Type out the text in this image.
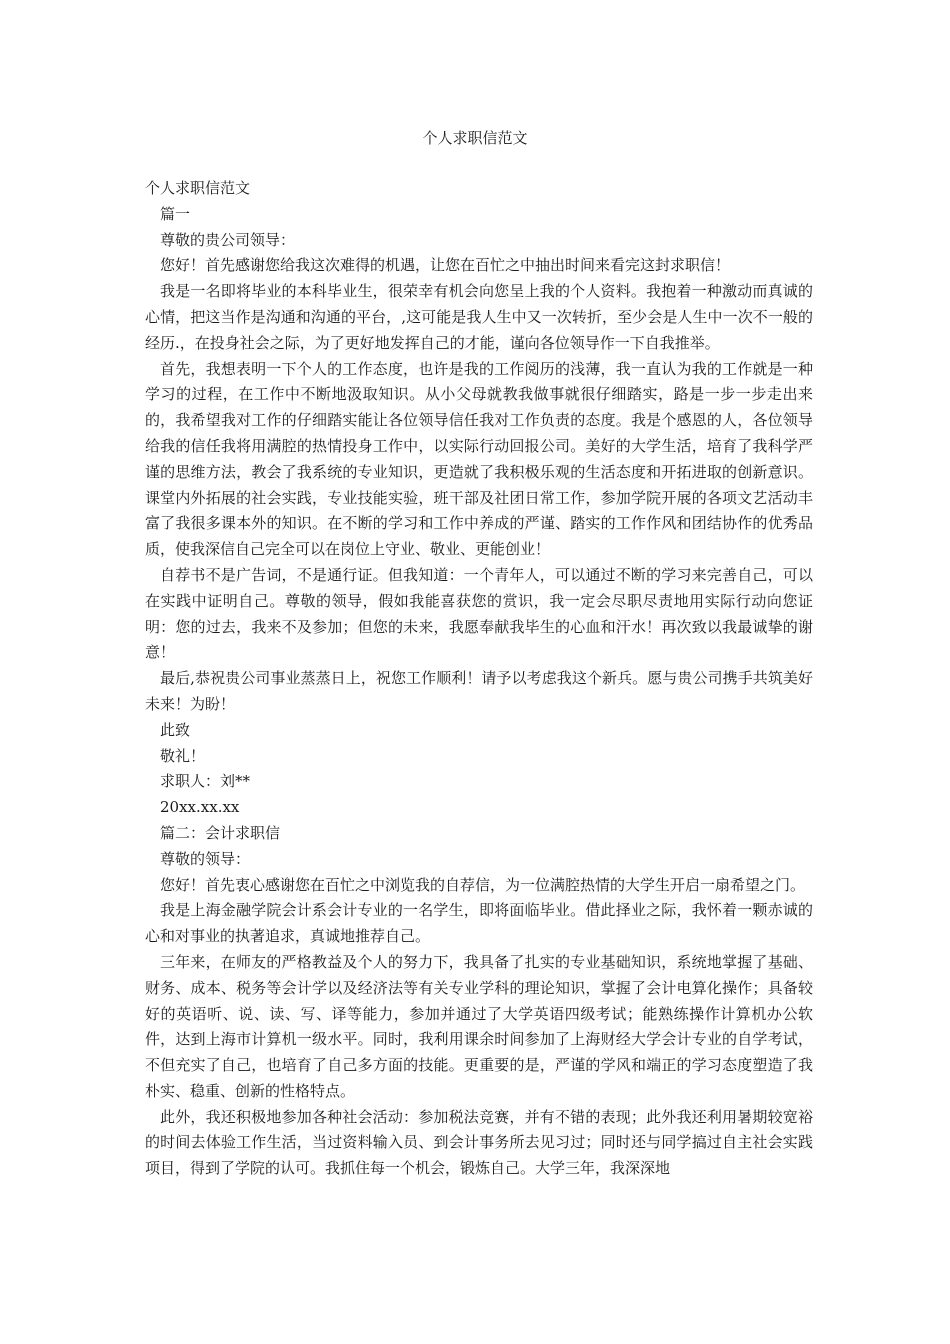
个人求职信范文

个人求职信范文

篇一

尊敬的贵公司领导：

您好！首先感谢您给我这次难得的机遇，让您在百忙之中抽出时间来看完这封求职信！

我是一名即将毕业的本科毕业生，很荣幸有机会向您呈上我的个人资料。我抱着一种激动而真诚的心情，把这当作是沟通和沟通的平台，,这可能是我人生中又一次转折，至少会是人生中一次不一般的经历.，在投身社会之际，为了更好地发挥自己的才能，谨向各位领导作一下自我推举。

首先，我想表明一下个人的工作态度，也许是我的工作阅历的浅薄，我一直认为我的工作就是一种学习的过程，在工作中不断地汲取知识。从小父母就教我做事就很仔细踏实，路是一步一步走出来的，我希望我对工作的仔细踏实能让各位领导信任我对工作负责的态度。我是个感恩的人，各位领导给我的信任我将用满腔的热情投身工作中，以实际行动回报公司。美好的大学生活，培育了我科学严谨的思维方法，教会了我系统的专业知识，更造就了我积极乐观的生活态度和开拓进取的创新意识。课堂内外拓展的社会实践，专业技能实验，班干部及社团日常工作，参加学院开展的各项文艺活动丰富了我很多课本外的知识。在不断的学习和工作中养成的严谨、踏实的工作作风和团结协作的优秀品质，使我深信自己完全可以在岗位上守业、敬业、更能创业！

自荐书不是广告词，不是通行证。但我知道：一个青年人，可以通过不断的学习来完善自己，可以在实践中证明自己。尊敬的领导，假如我能喜获您的赏识，我一定会尽职尽责地用实际行动向您证明：您的过去，我来不及参加；但您的未来，我愿奉献我毕生的心血和汗水！再次致以我最诚挚的谢意！

最后,恭祝贵公司事业蒸蒸日上，祝您工作顺利！请予以考虑我这个新兵。愿与贵公司携手共筑美好未来！为盼！

此致

敬礼！

求职人：刘**

20xx.xx.xx

篇二：会计求职信

尊敬的领导：

您好！首先衷心感谢您在百忙之中浏览我的自荐信，为一位满腔热情的大学生开启一扇希望之门。

我是上海金融学院会计系会计专业的一名学生，即将面临毕业。借此择业之际，我怀着一颗赤诚的心和对事业的执著追求，真诚地推荐自己。

三年来，在师友的严格教益及个人的努力下，我具备了扎实的专业基础知识，系统地掌握了基础、财务、成本、税务等会计学以及经济法等有关专业学科的理论知识，掌握了会计电算化操作；具备较好的英语听、说、读、写、译等能力，参加并通过了大学英语四级考试；能熟练操作计算机办公软件，达到上海市计算机一级水平。同时，我利用课余时间参加了上海财经大学会计专业的自学考试，不但充实了自己，也培育了自己多方面的技能。更重要的是，严谨的学风和端正的学习态度塑造了我朴实、稳重、创新的性格特点。

此外，我还积极地参加各种社会活动：参加税法竞赛，并有不错的表现；此外我还利用暑期较宽裕的时间去体验工作生活，当过资料输入员、到会计事务所去见习过；同时还与同学搞过自主社会实践项目，得到了学院的认可。我抓住每一个机会，锻炼自己。大学三年，我深深地
